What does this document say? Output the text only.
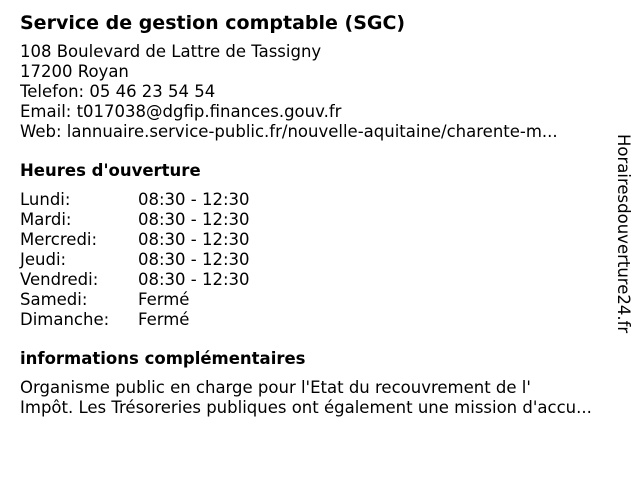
Service de gestion comptable (SGC)
108 Boulevard de Lattre de Tassigny
17200 Royan
Telefon: 05 46 23 54 54
Email: t017038@dgfip.finances.gouv.fr
Web: lannuaire.service-public.fr/nouvelle-aquitaine/charente-m...
Heures d'ouverture
Lundi:	08:30 - 12:30
Mardi:	08:30 - 12:30
Mercredi:	08:30 - 12:30
Jeudi:	08:30 - 12:30
Vendredi:	08:30 - 12:30
Samedi:	Fermé
Dimanche:	Fermé
informations complémentaires
Organisme public en charge pour l'Etat du recouvrement de l'
Impôt. Les Trésoreries publiques ont également une mission d'accu...
Horairesdouverture24.fr
